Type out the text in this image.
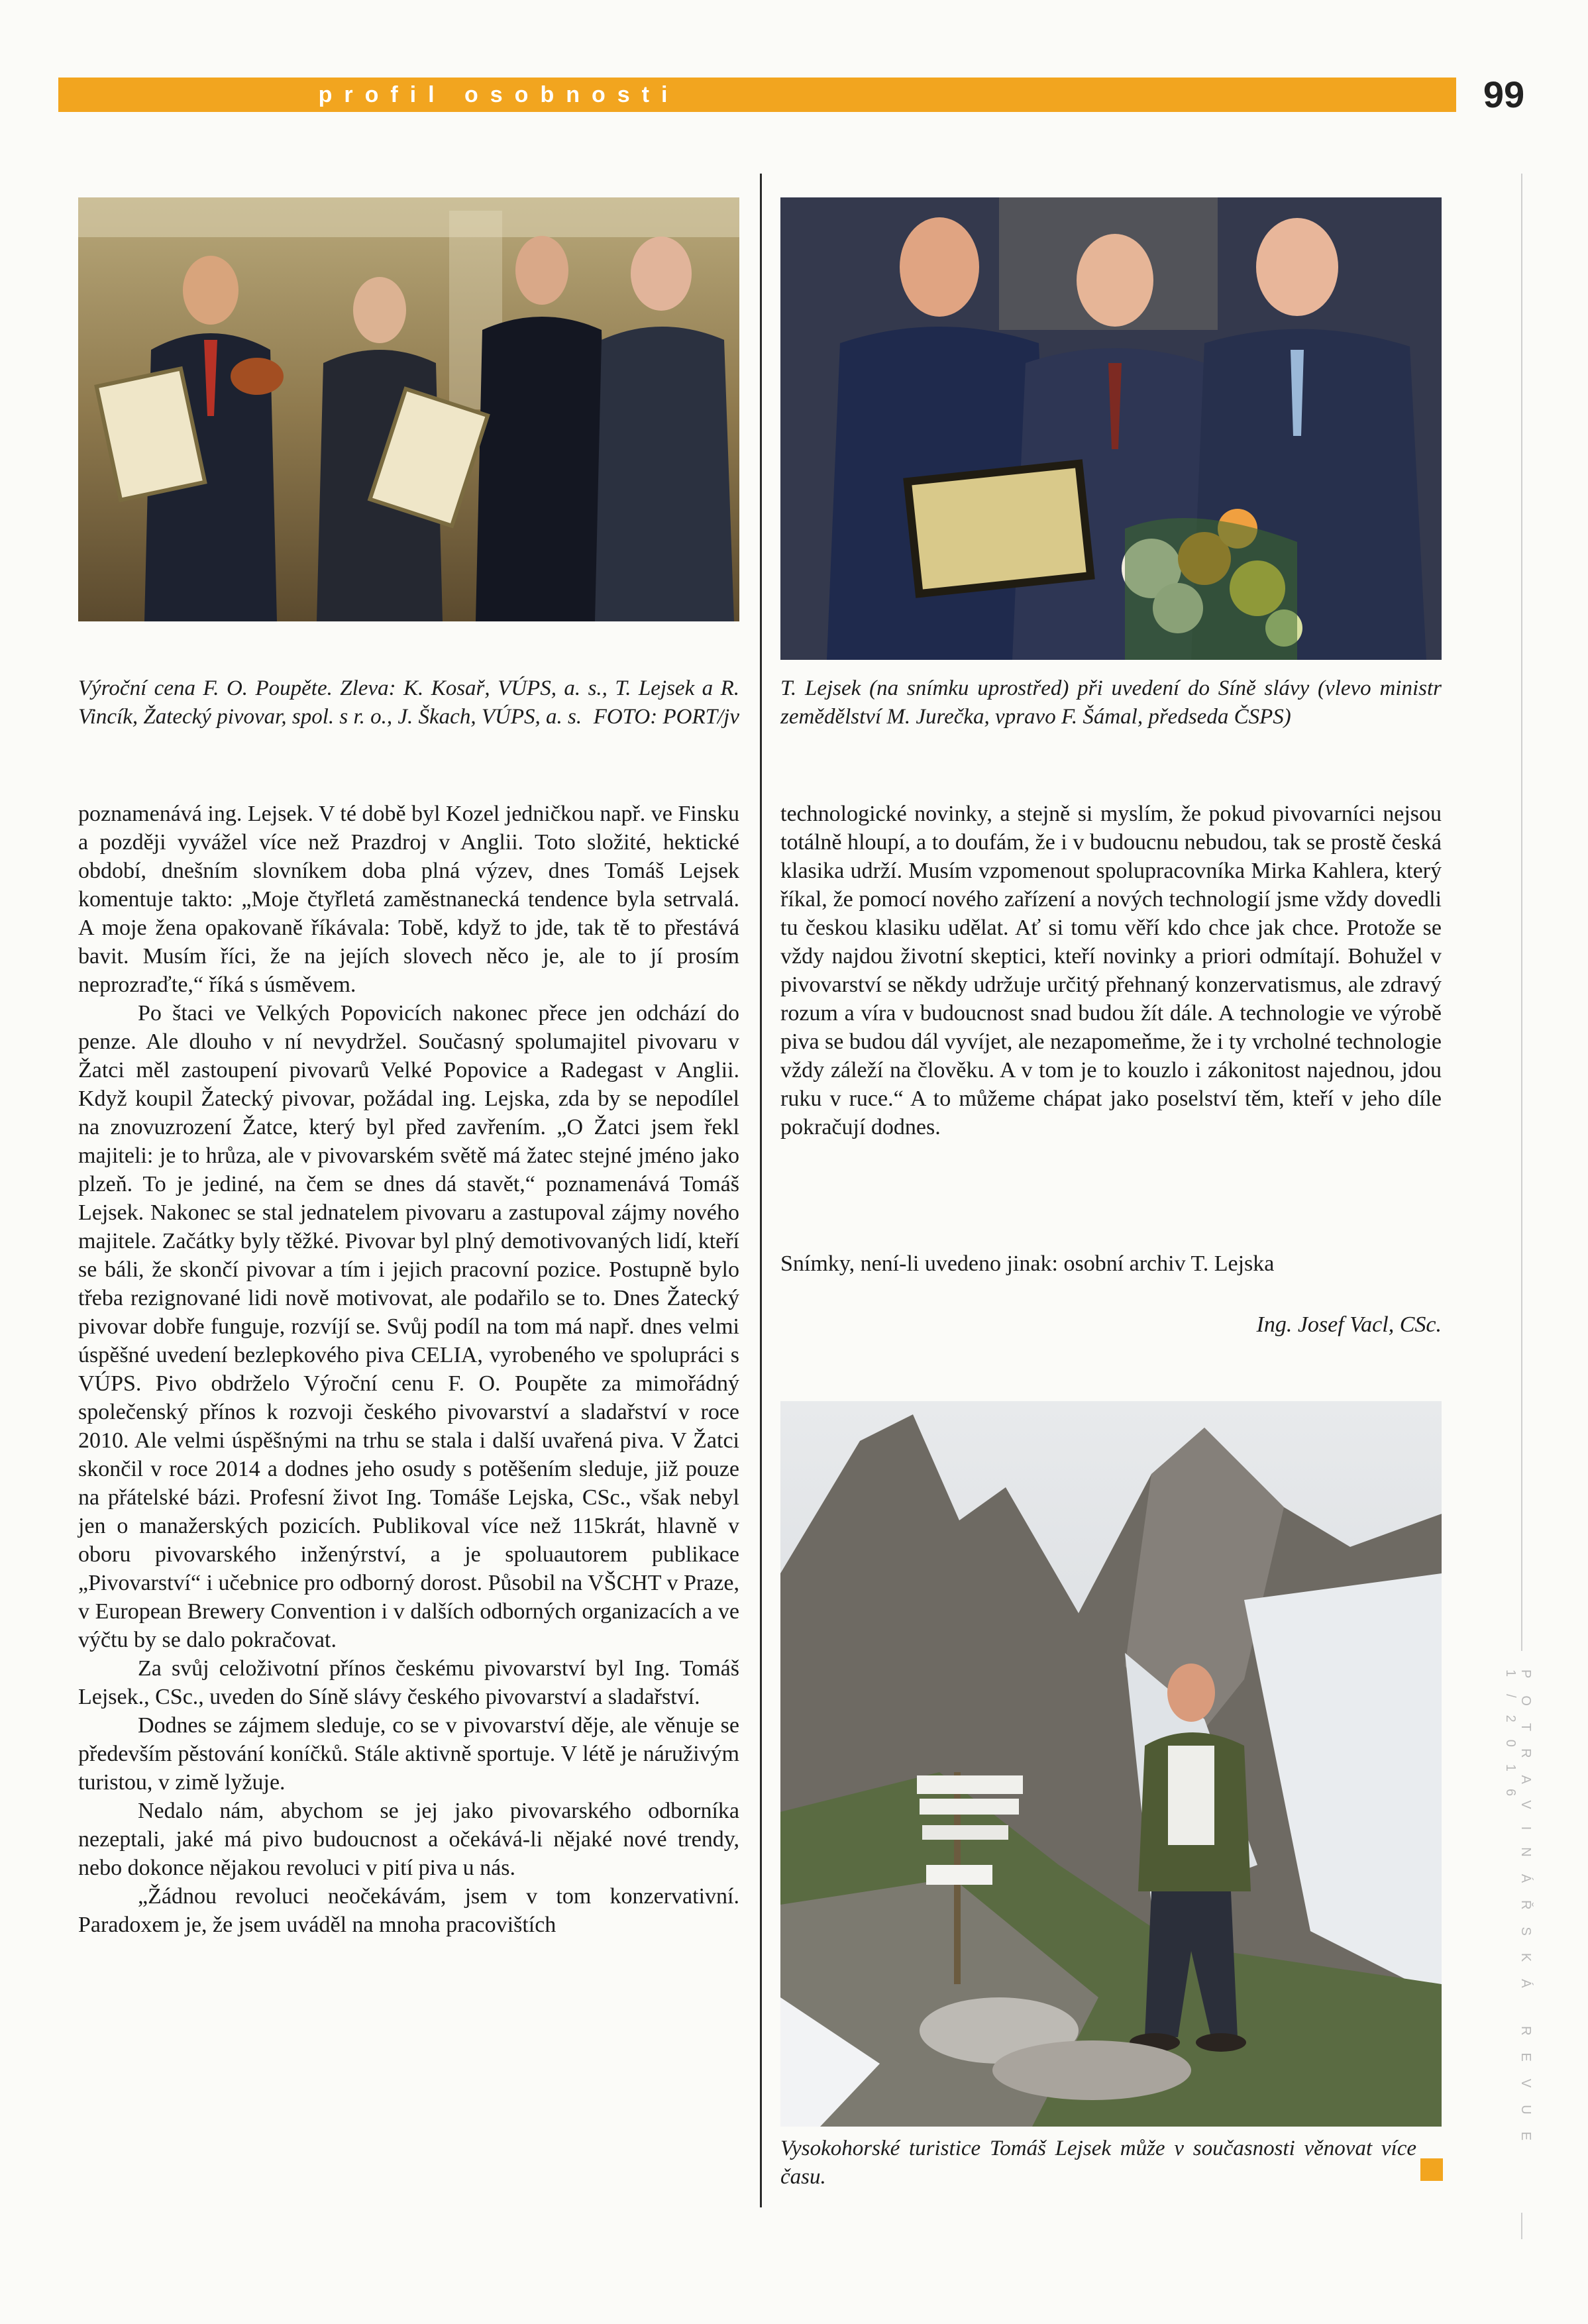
profil osobnosti	99
POTRAVINÁŘSKÁ REVUE 1/2016
Výroční cena F. O. Poupěte. Zleva: K. Kosař, VÚPS, a. s., T. Lejsek a R. Vincík, Žatecký pivovar, spol. s r. o., J. Škach, VÚPS, a. s. FOTO: PORT/jv
T. Lejsek (na snímku uprostřed) při uvedení do Síně slávy (vlevo ministr zemědělství M. Jurečka, vpravo F. Šámal, předseda ČSPS)
Vysokohorské turistice Tomáš Lejsek může v současnosti věnovat více času.

poznamenává ing. Lejsek. V té době byl Kozel jedničkou např. ve Finsku a později vyvážel více než Prazdroj v Anglii. Toto složité, hektické období, dnešním slovníkem doba plná výzev, dnes Tomáš Lejsek komentuje takto: „Moje čtyřletá zaměstnanecká tendence byla setrvalá. A moje žena opakovaně říkávala: Tobě, když to jde, tak tě to přestává bavit. Musím říci, že na jejích slovech něco je, ale to jí prosím neprozraďte,“ říká s úsměvem.

Po štaci ve Velkých Popovicích nakonec přece jen odchází do penze. Ale dlouho v ní nevydržel. Současný spolumajitel pivovaru v Žatci měl zastoupení pivovarů Velké Popovice a Radegast v Anglii. Když koupil Žatecký pivovar, požádal ing. Lejska, zda by se nepodílel na znovuzrození Žatce, který byl před zavřením. „O Žatci jsem řekl majiteli: je to hrůza, ale v pivovarském světě má žatec stejné jméno jako plzeň. To je jediné, na čem se dnes dá stavět,“ poznamenává Tomáš Lejsek. Nakonec se stal jednatelem pivovaru a zastupoval zájmy nového majitele. Začátky byly těžké. Pivovar byl plný demotivovaných lidí, kteří se báli, že skončí pivovar a tím i jejich pracovní pozice. Postupně bylo třeba rezignované lidi nově motivovat, ale podařilo se to. Dnes Žatecký pivovar dobře funguje, rozvíjí se. Svůj podíl na tom má např. dnes velmi úspěšné uvedení bezlepkového piva CELIA, vyrobeného ve spolupráci s VÚPS. Pivo obdrželo Výroční cenu F. O. Poupěte za mimořádný společenský přínos k rozvoji českého pivovarství a sladařství v roce 2010. Ale velmi úspěšnými na trhu se stala i další uvařená piva. V Žatci skončil v roce 2014 a dodnes jeho osudy s potěšením sleduje, již pouze na přátelské bázi. Profesní život Ing. Tomáše Lejska, CSc., však nebyl jen o manažerských pozicích. Publikoval více než 115krát, hlavně v oboru pivovarského inženýrství, a je spoluautorem publikace „Pivovarství“ i učebnice pro odborný dorost. Působil na VŠCHT v Praze, v European Brewery Convention i v dalších odborných organizacích a ve výčtu by se dalo pokračovat.

Za svůj celoživotní přínos českému pivovarství byl Ing. Tomáš Lejsek., CSc., uveden do Síně slávy českého pivovarství a sladařství.

Dodnes se zájmem sleduje, co se v pivovarství děje, ale věnuje se především pěstování koníčků. Stále aktivně sportuje. V létě je náruživým turistou, v zimě lyžuje.

Nedalo nám, abychom se jej jako pivovarského odborníka nezeptali, jaké má pivo budoucnost a očekává-li nějaké nové trendy, nebo dokonce nějakou revoluci v pití piva u nás.

„Žádnou revoluci neočekávám, jsem v tom konzervativní. Paradoxem je, že jsem uváděl na mnoha pracovištích

technologické novinky, a stejně si myslím, že pokud pivovarníci nejsou totálně hloupí, a to doufám, že i v budoucnu nebudou, tak se prostě česká klasika udrží. Musím vzpomenout spolupracovníka Mirka Kahlera, který říkal, že pomocí nového zařízení a nových technologií jsme vždy dovedli tu českou klasiku udělat. Ať si tomu věří kdo chce jak chce. Protože se vždy najdou životní skeptici, kteří novinky a priori odmítají. Bohužel v pivovarství se někdy udržuje určitý přehnaný konzervatismus, ale zdravý rozum a víra v budoucnost snad budou žít dále. A technologie ve výrobě piva se budou dál vyvíjet, ale nezapomeňme, že i ty vrcholné technologie vždy záleží na člověku. A v tom je to kouzlo i zákonitost najednou, jdou ruku v ruce.“ A to můžeme chápat jako poselství těm, kteří v jeho díle pokračují dodnes.

Snímky, není-li uvedeno jinak: osobní archiv T. Lejska
Ing. Josef Vacl, CSc.
